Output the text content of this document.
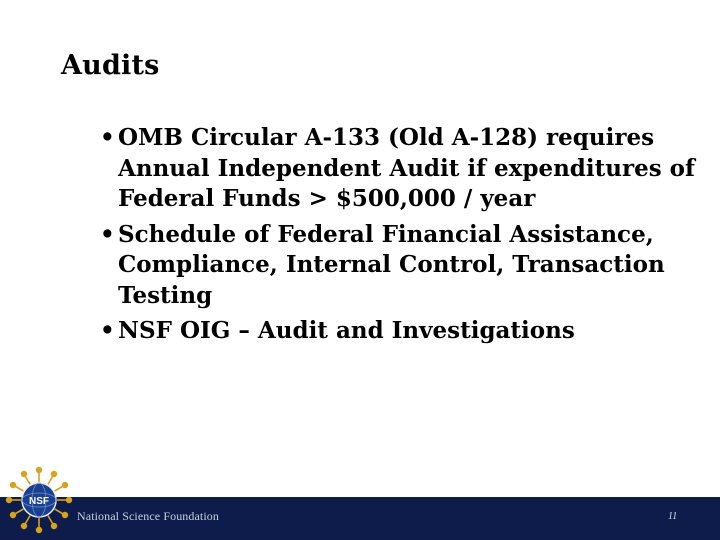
Audits
• OMB Circular A-133 (Old A-128) requires Annual Independent Audit if expenditures of Federal Funds > $500,000 / year
• Schedule of Federal Financial Assistance, Compliance, Internal Control, Transaction Testing
• NSF OIG – Audit and Investigations
National Science Foundation	11
NSF
